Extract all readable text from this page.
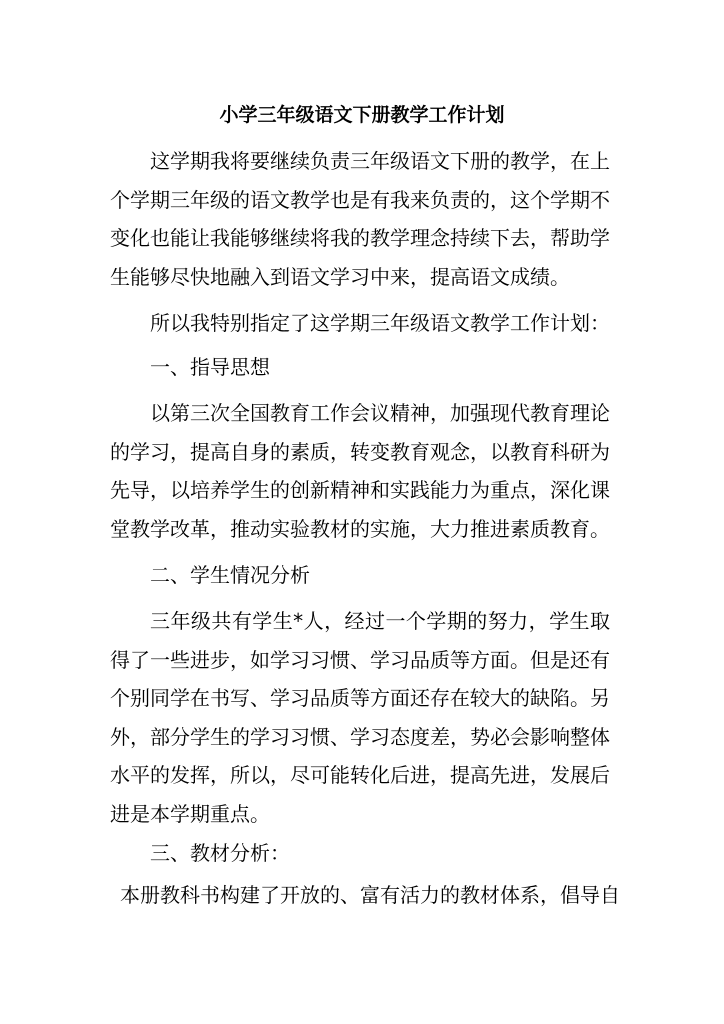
小学三年级语文下册教学工作计划
这学期我将要继续负责三年级语文下册的教学，在上个学期三年级的语文教学也是有我来负责的，这个学期不变化也能让我能够继续将我的教学理念持续下去，帮助学生能够尽快地融入到语文学习中来，提高语文成绩。
所以我特别指定了这学期三年级语文教学工作计划：
一、指导思想
以第三次全国教育工作会议精神，加强现代教育理论的学习，提高自身的素质，转变教育观念，以教育科研为先导，以培养学生的创新精神和实践能力为重点，深化课堂教学改革，推动实验教材的实施，大力推进素质教育。
二、学生情况分析
三年级共有学生*人，经过一个学期的努力，学生取得了一些进步，如学习习惯、学习品质等方面。但是还有个别同学在书写、学习品质等方面还存在较大的缺陷。另外，部分学生的学习习惯、学习态度差，势必会影响整体水平的发挥，所以，尽可能转化后进，提高先进，发展后进是本学期重点。
三、教材分析：
本册教科书构建了开放的、富有活力的教材体系，倡导自
